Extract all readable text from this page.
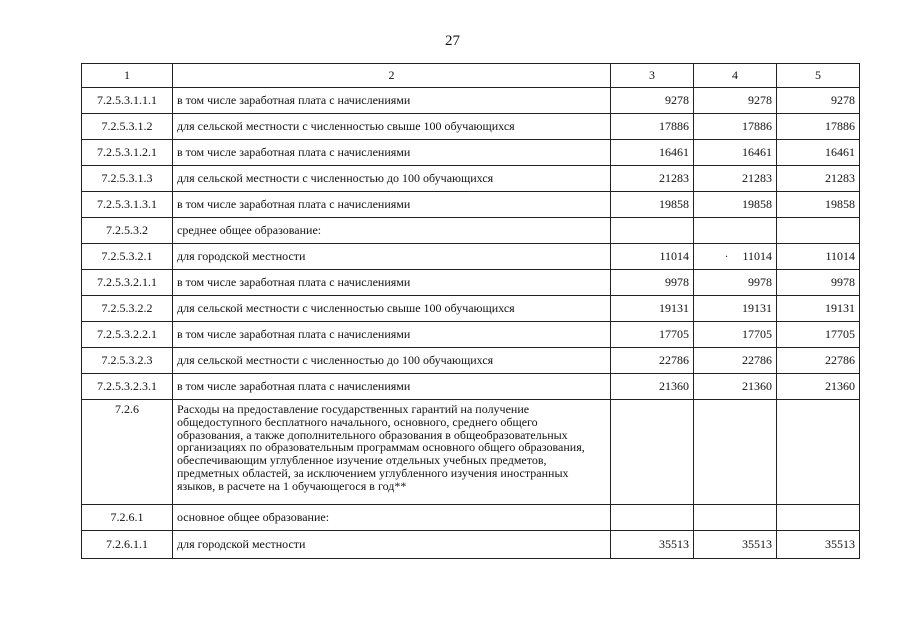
27
1	2	3	4	5
7.2.5.3.1.1.1	в том числе заработная плата с начислениями	9278	9278	9278
7.2.5.3.1.2	для сельской местности с численностью свыше 100 обучающихся	17886	17886	17886
7.2.5.3.1.2.1	в том числе заработная плата с начислениями	16461	16461	16461
7.2.5.3.1.3	для сельской местности с численностью до 100 обучающихся	21283	21283	21283
7.2.5.3.1.3.1	в том числе заработная плата с начислениями	19858	19858	19858
7.2.5.3.2	среднее общее образование:			
7.2.5.3.2.1	для городской местности	11014	· 11014	11014
7.2.5.3.2.1.1	в том числе заработная плата с начислениями	9978	9978	9978
7.2.5.3.2.2	для сельской местности с численностью свыше 100 обучающихся	19131	19131	19131
7.2.5.3.2.2.1	в том числе заработная плата с начислениями	17705	17705	17705
7.2.5.3.2.3	для сельской местности с численностью до 100 обучающихся	22786	22786	22786
7.2.5.3.2.3.1	в том числе заработная плата с начислениями	21360	21360	21360
7.2.6	Расходы на предоставление государственных гарантий на получение общедоступного бесплатного начального, основного, среднего общего образования, а также дополнительного образования в общеобразовательных организациях по образовательным программам основного общего образования, обеспечивающим углубленное изучение отдельных учебных предметов, предметных областей, за исключением углубленного изучения иностранных языков, в расчете на 1 обучающегося в год**			
7.2.6.1	основное общее образование:			
7.2.6.1.1	для городской местности	35513	35513	35513
